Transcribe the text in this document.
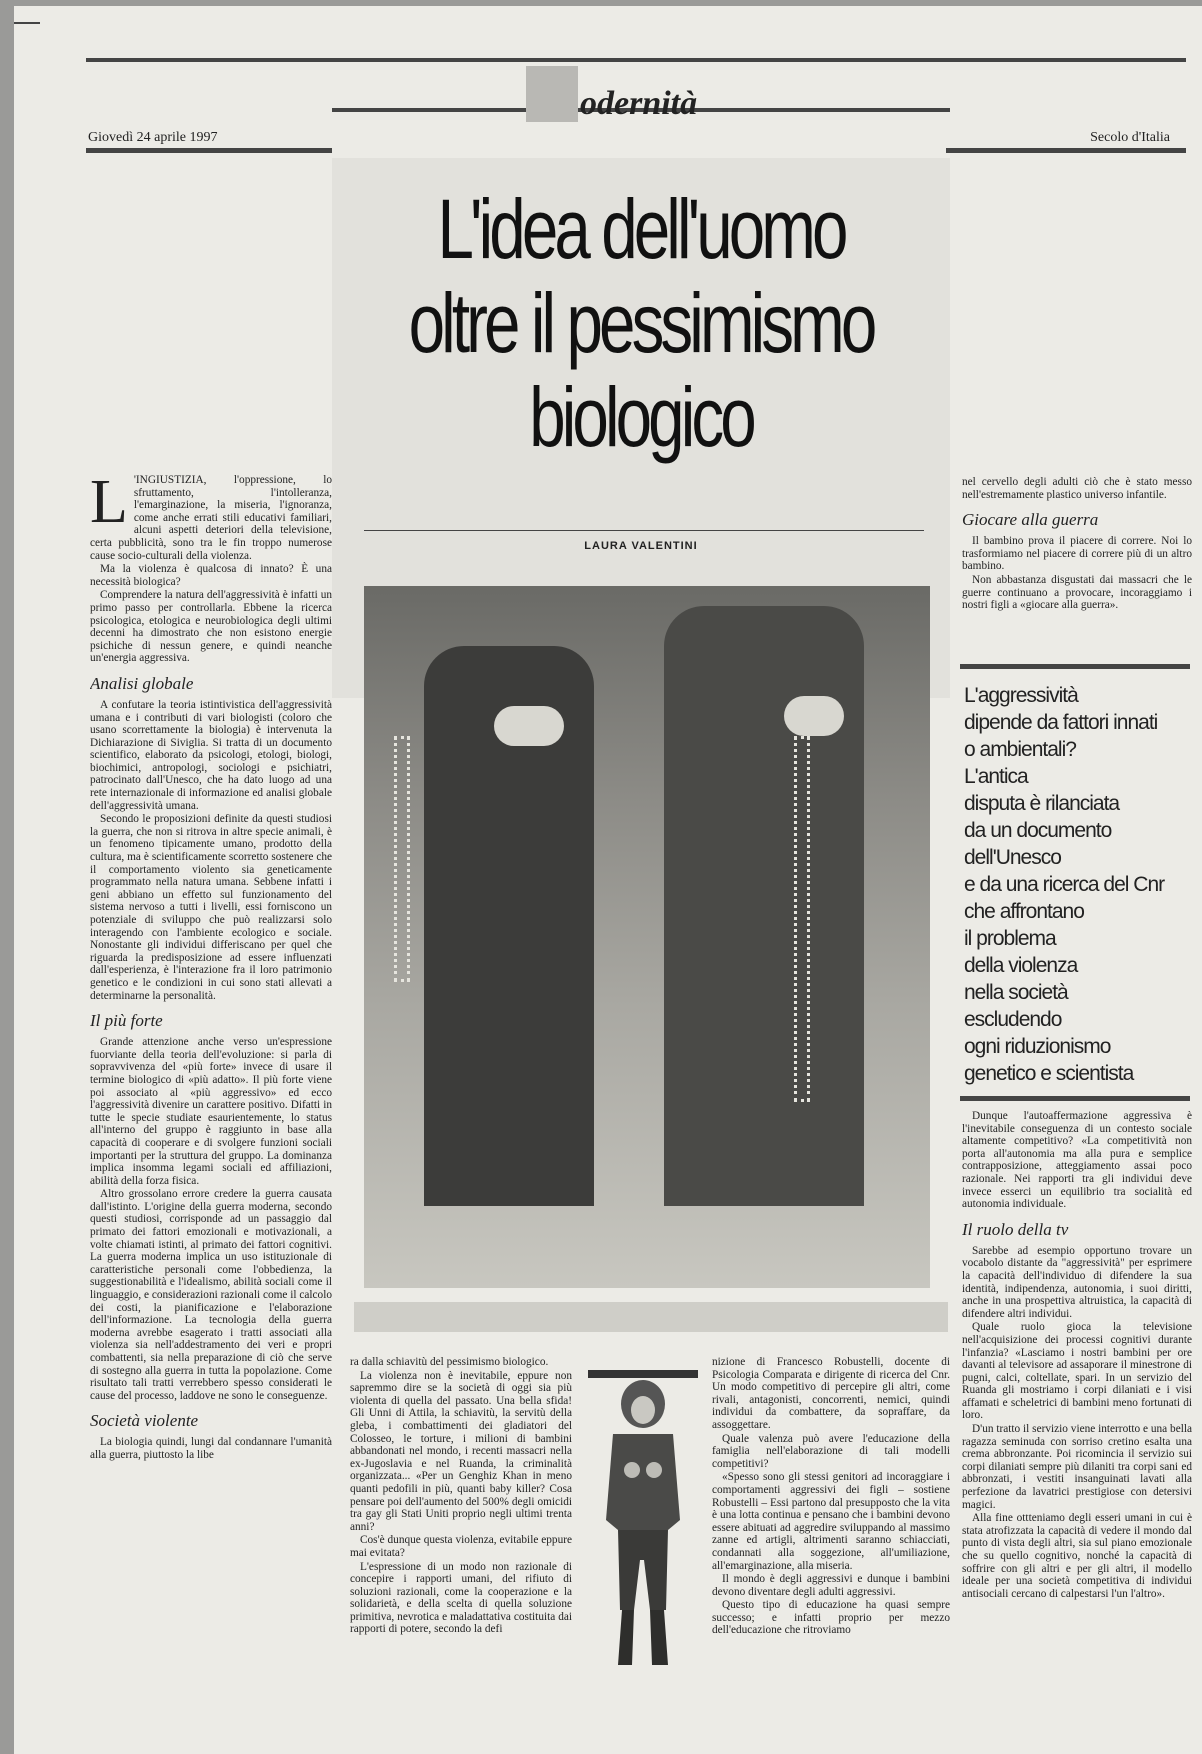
Giovedì 24 aprile 1997	Secolo d'Italia
odernità
L'idea dell'uomo
oltre il pessimismo
biologico
LAURA VALENTINI

L 'INGIUSTIZIA, l'oppressione, lo sfruttamento, l'intolleranza, l'emarginazione, la miseria, l'ignoranza, come anche errati stili educativi familiari, alcuni aspetti deteriori della televisione, certa pubblicità, sono tra le fin troppo numerose cause socio-culturali della violenza.

Ma la violenza è qualcosa di innato? È una necessità biologica?

Comprendere la natura dell'aggressività è infatti un primo passo per controllarla. Ebbene la ricerca psicologica, etologica e neurobiologica degli ultimi decenni ha dimostrato che non esistono energie psichiche di nessun genere, e quindi neanche un'energia aggressiva.

Analisi globale

A confutare la teoria istintivistica dell'aggressività umana e i contributi di vari biologisti (coloro che usano scorrettamente la biologia) è intervenuta la Dichiarazione di Siviglia. Si tratta di un documento scientifico, elaborato da psicologi, etologi, biologi, biochimici, antropologi, sociologi e psichiatri, patrocinato dall'Unesco, che ha dato luogo ad una rete internazionale di informazione ed analisi globale dell'aggressività umana.

Secondo le proposizioni definite da questi studiosi la guerra, che non si ritrova in altre specie animali, è un fenomeno tipicamente umano, prodotto della cultura, ma è scientificamente scorretto sostenere che il comportamento violento sia geneticamente programmato nella natura umana. Sebbene infatti i geni abbiano un effetto sul funzionamento del sistema nervoso a tutti i livelli, essi forniscono un potenziale di sviluppo che può realizzarsi solo interagendo con l'ambiente ecologico e sociale. Nonostante gli individui differiscano per quel che riguarda la predisposizione ad essere influenzati dall'esperienza, è l'interazione fra il loro patrimonio genetico e le condizioni in cui sono stati allevati a determinarne la personalità.

Il più forte

Grande attenzione anche verso un'espressione fuorviante della teoria dell'evoluzione: si parla di sopravvivenza del «più forte» invece di usare il termine biologico di «più adatto». Il più forte viene poi associato al «più aggressivo» ed ecco l'aggressività divenire un carattere positivo. Difatti in tutte le specie studiate esaurientemente, lo status all'interno del gruppo è raggiunto in base alla capacità di cooperare e di svolgere funzioni sociali importanti per la struttura del gruppo. La dominanza implica insomma legami sociali ed affiliazioni, abilità della forza fisica.

Altro grossolano errore credere la guerra causata dall'istinto. L'origine della guerra moderna, secondo questi studiosi, corrisponde ad un passaggio dal primato dei fattori emozionali e motivazionali, a volte chiamati istinti, al primato dei fattori cognitivi. La guerra moderna implica un uso istituzionale di caratteristiche personali come l'obbedienza, la suggestionabilità e l'idealismo, abilità sociali come il linguaggio, e considerazioni razionali come il calcolo dei costi, la pianificazione e l'elaborazione dell'informazione. La tecnologia della guerra moderna avrebbe esagerato i tratti associati alla violenza sia nell'addestramento dei veri e propri combattenti, sia nella preparazione di ciò che serve di sostegno alla guerra in tutta la popolazione. Come risultato tali tratti verrebbero spesso considerati le cause del processo, laddove ne sono le conseguenze.

Società violente

La biologia quindi, lungi dal condannare l'umanità alla guerra, piuttosto la libe

ra dalla schiavitù del pessimismo biologico.

La violenza non è inevitabile, eppure non sapremmo dire se la società di oggi sia più violenta di quella del passato. Una bella sfida! Gli Unni di Attila, la schiavitù, la servitù della gleba, i combattimenti dei gladiatori del Colosseo, le torture, i milioni di bambini abbandonati nel mondo, i recenti massacri nella ex-Jugoslavia e nel Ruanda, la criminalità organizzata... «Per un Genghiz Khan in meno quanti pedofili in più, quanti baby killer? Cosa pensare poi dell'aumento del 500% degli omicidi tra gay gli Stati Uniti proprio negli ultimi trenta anni?

Cos'è dunque questa violenza, evitabile eppure mai evitata?

L'espressione di un modo non razionale di concepire i rapporti umani, del rifiuto di soluzioni razionali, come la cooperazione e la solidarietà, e della scelta di quella soluzione primitiva, nevrotica e maladattativa costituita dai rapporti di potere, secondo la defi

nizione di Francesco Robustelli, docente di Psicologia Comparata e dirigente di ricerca del Cnr. Un modo competitivo di percepire gli altri, come rivali, antagonisti, concorrenti, nemici, quindi individui da combattere, da sopraffare, da assoggettare.

Quale valenza può avere l'educazione della famiglia nell'elaborazione di tali modelli competitivi?

«Spesso sono gli stessi genitori ad incoraggiare i comportamenti aggressivi dei figli – sostiene Robustelli – Essi partono dal presupposto che la vita è una lotta continua e pensano che i bambini devono essere abituati ad aggredire sviluppando al massimo zanne ed artigli, altrimenti saranno schiacciati, condannati alla soggezione, all'umiliazione, all'emarginazione, alla miseria.

Il mondo è degli aggressivi e dunque i bambini devono diventare degli adulti aggressivi.

Questo tipo di educazione ha quasi sempre successo; e infatti proprio per mezzo dell'educazione che ritroviamo

nel cervello degli adulti ciò che è stato messo nell'estremamente plastico universo infantile.

Giocare alla guerra

Il bambino prova il piacere di correre. Noi lo trasformiamo nel piacere di correre più di un altro bambino.

Non abbastanza disgustati dai massacri che le guerre continuano a provocare, incoraggiamo i nostri figli a «giocare alla guerra».

L'aggressività
dipende da fattori innati
o ambientali?
L'antica
disputa è rilanciata
da un documento
dell'Unesco
e da una ricerca del Cnr
che affrontano
il problema
della violenza
nella società
escludendo
ogni riduzionismo
genetico e scientista

Dunque l'autoaffermazione aggressiva è l'inevitabile conseguenza di un contesto sociale altamente competitivo? «La competitività non porta all'autonomia ma alla pura e semplice contrapposizione, atteggiamento assai poco razionale. Nei rapporti tra gli individui deve invece esserci un equilibrio tra socialità ed autonomia individuale.

Il ruolo della tv

Sarebbe ad esempio opportuno trovare un vocabolo distante da "aggressività" per esprimere la capacità dell'individuo di difendere la sua identità, indipendenza, autonomia, i suoi diritti, anche in una prospettiva altruistica, la capacità di difendere altri individui.

Quale ruolo gioca la televisione nell'acquisizione dei processi cognitivi durante l'infanzia? «Lasciamo i nostri bambini per ore davanti al televisore ad assaporare il minestrone di pugni, calci, coltellate, spari. In un servizio del Ruanda gli mostriamo i corpi dilaniati e i visi affamati e scheletrici di bambini meno fortunati di loro.

D'un tratto il servizio viene interrotto e una bella ragazza seminuda con sorriso cretino esalta una crema abbronzante. Poi ricomincia il servizio sui corpi dilaniati sempre più dilaniti tra corpi sani ed abbronzati, i vestiti insanguinati lavati alla perfezione da lavatrici prestigiose con detersivi magici.

Alla fine ottteniamo degli esseri umani in cui è stata atrofizzata la capacità di vedere il mondo dal punto di vista degli altri, sia sul piano emozionale che su quello cognitivo, nonché la capacità di soffrire con gli altri e per gli altri, il modello ideale per una società competitiva di individui antisociali cercano di calpestarsi l'un l'altro».
